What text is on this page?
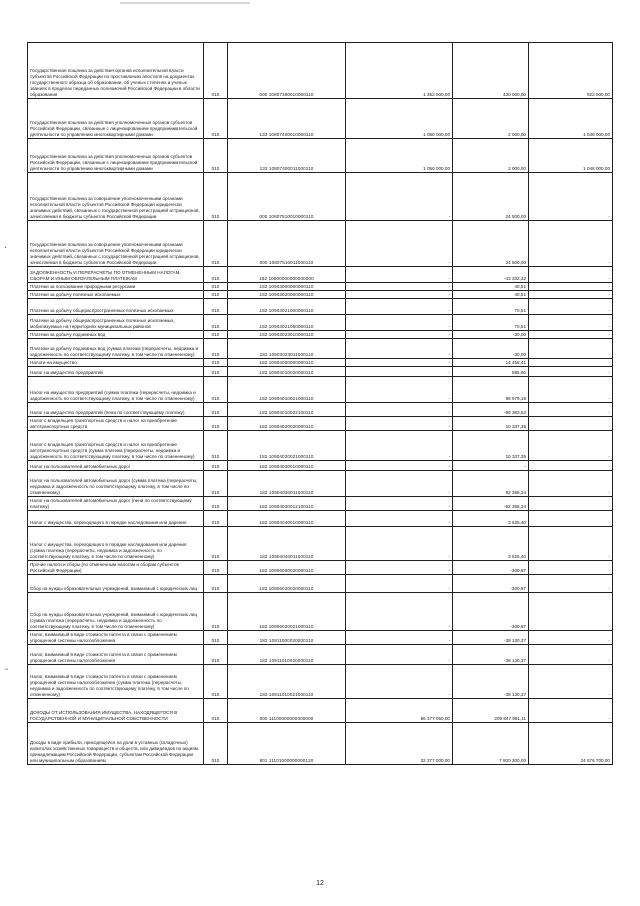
.
˜
Государственная пошлина за действия органов исполнительной власти субъектов Российской Федерации по проставлению апостиля на документах государственного образца об образовании, об ученых степенях и ученых званиях в пределах переданных полномочий Российской Федерации в области образования	010	000 10807390010000110	1 352 500,00	430 000,00	922 500,00
Государственная пошлина за действия уполномоченных органов субъектов Российской Федерации, связанные с лицензированием предпринимательской деятельности по управлению многоквартирными домами	010	133 10807400010000110	1 050 000,00	2 000,00	1 048 000,00
Государственная пошлина за действия уполномоченных органов субъектов Российской Федерации, связанные с лицензированием предпринимательской деятельности по управлению многоквартирными домами	010	133 10807400011000110	1 050 000,00	2 000,00	1 048 000,00
Государственная пошлина за совершение уполномоченными органами исполнительной власти субъектов Российской Федерации юридически значимых действий, связанных с государственной регистрацией аттракционов, зачисляемая в бюджеты субъектов Российской Федерации	010	000 10807510010000110	-	24 500,00	-
Государственная пошлина за совершение уполномоченными органами исполнительной власти субъектов Российской Федерации юридически значимых действий, связанных с государственной регистрацией аттракционов, зачисляемая в бюджеты субъектов Российской Федерации	010	000 10807510011000110	-	24 500,00	-
ЗАДОЛЖЕННОСТЬ И ПЕРЕРАСЧЕТЫ ПО ОТМЕНЕННЫМ НАЛОГАМ, СБОРАМ И ИНЫМ ОБЯЗАТЕЛЬНЫМ ПЛАТЕЖАМ	010	182 10900000000000000	-	-43 332,32	-
Платежи за пользование природными ресурсами	010	182 10903000000000110	-	40,51	-
Платежи за добычу полезных ископаемых	010	182 10903020000000110	-	40,51	-
Платежи за добычу общераспространенных полезных ископаемых	010	182 10903021000000110	-	70,51	-
Платежи за добычу общераспространенных полезных ископаемых, мобилизуемые на территориях муниципальных районов	010	182 10903021050000110	-	70,51	-
Платежи за добычу подземных вод	010	182 10903023010000110	-	-30,00	-
Платежи за добычу подземных вод (сумма платежа (перерасчеты, недоимка и задолженность по соответствующему платежу, в том числе по отмененному)	010	182 10903023011000110	-	-30,00	-
Налоги на имущество	010	182 10904000000000110	-	14 458,41	-
Налог на имущество предприятий	010	182 10904010020000110	-	595,66	-
Налог на имущество предприятий (сумма платежа (перерасчеты, недоимка и задолженность по соответствующему платежу, в том числе по отмененному)	010	182 10904010021000110	-	96 979,18	-
Налог на имущество предприятий (пени по соответствующему платежу)	010	182 10904010022100110	-	-96 383,52	-
Налог с владельцев транспортных средств и налог на приобретение автотранспортных средств	010	182 10904020020000110	-	10 337,35	-
Налог с владельцев транспортных средств и налог на приобретение автотранспортных средств (сумма платежа (перерасчеты, недоимка и задолженность по соответствующему платежу, в том числе по отмененному)	010	182 10904020021000110	-	10 337,35	-
Налог на пользователей автомобильных дорог	010	182 10904030010000110	-	-	-
Налог на пользователей автомобильных дорог (сумма платежа (перерасчеты, недоимка и задолженность по соответствующему платежу, в том числе по отмененному)	010	182 10904030011000110	-	92 368,34	-
Налог на пользователей автомобильных дорог (пени по соответствующему платежу)	010	182 10904030012100110	-	-92 368,34	-
Налог с имущества, переходящего в порядке наследования или дарения	010	182 10904040010000110	-	3 525,40	-
Налог с имущества, переходящего в порядке наследования или дарения (сумма платежа (перерасчеты, недоимка и задолженность по соответствующему платежу, в том числе по отмененному)	010	182 10904040011000110	-	3 525,40	-
Прочие налоги и сборы (по отмененным налогам и сборам субъектов Российской Федерации)	010	182 10906000020000110	-	-300,87	-
Сбор на нужды образовательных учреждений, взимаемый с юридических лиц	010	182 10906020020000110	-	-300,87	-
Сбор на нужды образовательных учреждений, взимаемый с юридических лиц (сумма платежа (перерасчеты, недоимка и задолженность по соответствующему платежу, в том числе по отмененному)	010	182 10906020021000110	-	-300,87	-
Налог, взимаемый в виде стоимости патента в связи с применением упрощенной системы налогообложения	010	182 10911000020000110	-	-38 130,37	-
Налог, взимаемый в виде стоимости патента в связи с применением упрощенной системы налогообложения	010	182 10911010020000110	-	-38 130,37	-
Налог, взимаемый в виде стоимости патента в связи с применением упрощенной системы налогообложения (сумма платежа (перерасчеты, недоимка и задолженность по соответствующему платежу, в том числе по отмененному)	010	182 10911010021000110	-	-38 130,37	-
ДОХОДЫ ОТ ИСПОЛЬЗОВАНИЯ ИМУЩЕСТВА, НАХОДЯЩЕГОСЯ В ГОСУДАРСТВЕННОЙ И МУНИЦИПАЛЬНОЙ СОБСТВЕННОСТИ	010	000 11100000000000000	96 377 050,00	209 847 981,11	-
Доходы в виде прибыли, приходящейся на доли в уставных (складочных) капиталах хозяйственных товариществ и обществ, или дивидендов по акциям, принадлежащим Российской Федерации, субъектам Российской Федерации или муниципальным образованиям	010	801 11101000000000120	32 377 000,00	7 800 300,00	24 576 700,00
12
